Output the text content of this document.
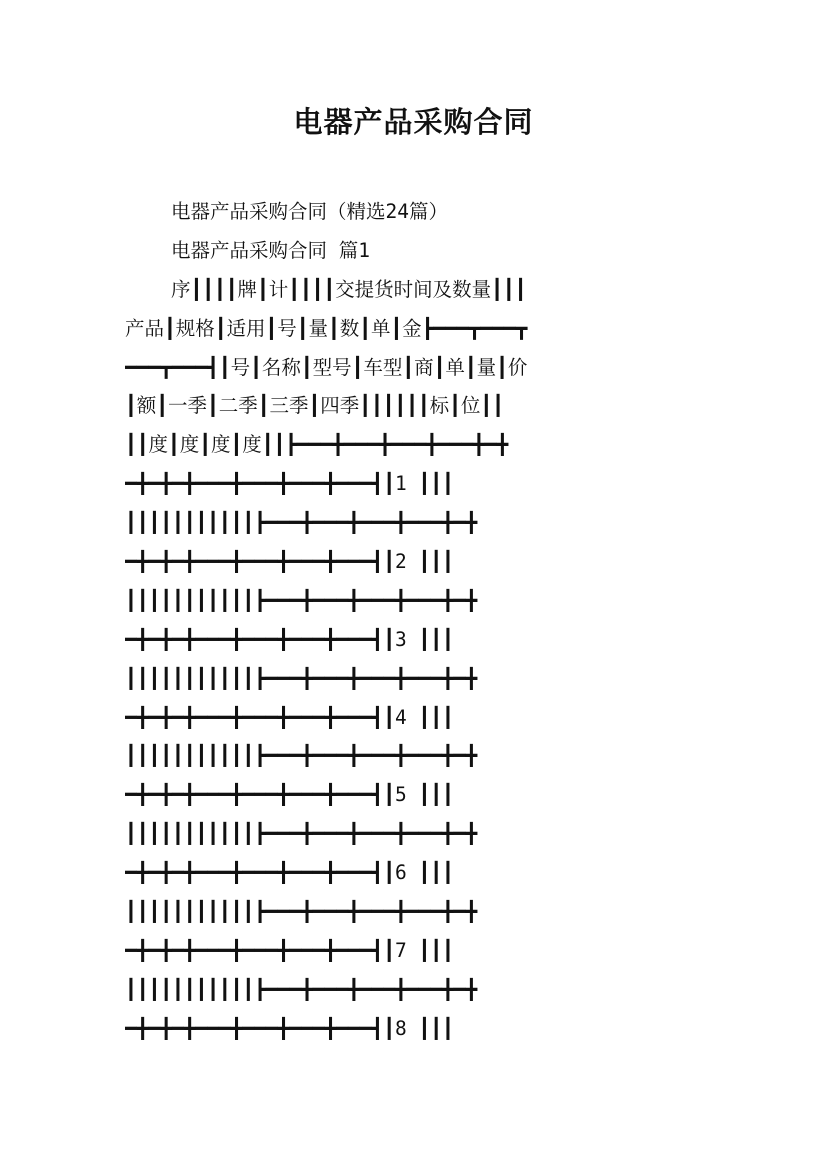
电器产品采购合同
电器产品采购合同（精选24篇）
电器产品采购合同 篇1
序┃┃┃┃牌┃计┃┃┃┃交提货时间及数量┃┃┃
产品┃规格┃适用┃号┃量┃数┃单┃金┣━━━┳━━━┳
━━━┳━━━┫┃号┃名称┃型号┃车型┃商┃单┃量┃价
┃额┃一季┃二季┃三季┃四季┃┃┃┃┃┃标┃位┃┃
┃┃度┃度┃度┃度┃┃┣━━━╋━━━╋━━━╋━━━╋━╋
━╋━╋━╋━━━╋━━━╋━━━╋━━━┫┃1 ┃┃┃
┃┃┃┃┃┃┃┃┃┃┃┣━━━╋━━━╋━━━╋━━━╋━╋
━╋━╋━╋━━━╋━━━╋━━━╋━━━┫┃2 ┃┃┃
┃┃┃┃┃┃┃┃┃┃┃┣━━━╋━━━╋━━━╋━━━╋━╋
━╋━╋━╋━━━╋━━━╋━━━╋━━━┫┃3 ┃┃┃
┃┃┃┃┃┃┃┃┃┃┃┣━━━╋━━━╋━━━╋━━━╋━╋
━╋━╋━╋━━━╋━━━╋━━━╋━━━┫┃4 ┃┃┃
┃┃┃┃┃┃┃┃┃┃┃┣━━━╋━━━╋━━━╋━━━╋━╋
━╋━╋━╋━━━╋━━━╋━━━╋━━━┫┃5 ┃┃┃
┃┃┃┃┃┃┃┃┃┃┃┣━━━╋━━━╋━━━╋━━━╋━╋
━╋━╋━╋━━━╋━━━╋━━━╋━━━┫┃6 ┃┃┃
┃┃┃┃┃┃┃┃┃┃┃┣━━━╋━━━╋━━━╋━━━╋━╋
━╋━╋━╋━━━╋━━━╋━━━╋━━━┫┃7 ┃┃┃
┃┃┃┃┃┃┃┃┃┃┃┣━━━╋━━━╋━━━╋━━━╋━╋
━╋━╋━╋━━━╋━━━╋━━━╋━━━┫┃8 ┃┃┃
